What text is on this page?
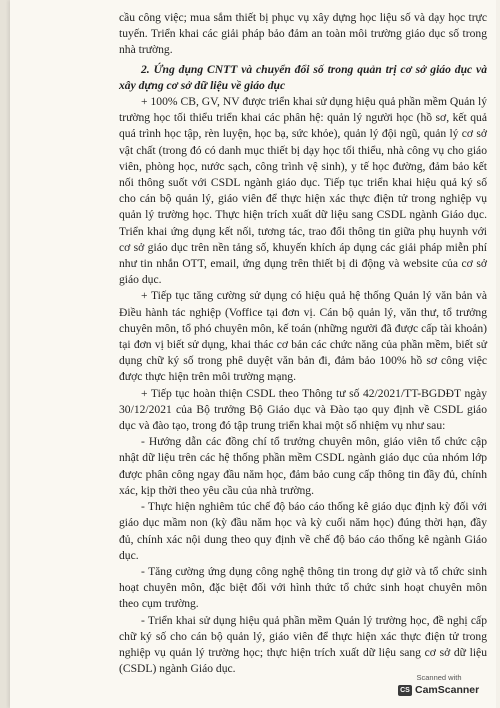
cầu công việc; mua sắm thiết bị phục vụ xây dựng học liệu số và dạy học trực tuyến. Triển khai các giải pháp bảo đảm an toàn môi trường giáo dục số trong nhà trường.

2. Ứng dụng CNTT và chuyển đổi số trong quản trị cơ sở giáo dục và xây dựng cơ sở dữ liệu về giáo dục

+ 100% CB, GV, NV được triển khai sử dụng hiệu quả phần mềm Quản lý trường học tối thiểu triển khai các phân hệ: quản lý người học (hồ sơ, kết quả quá trình học tập, rèn luyện, học bạ, sức khỏe), quản lý đội ngũ, quản lý cơ sở vật chất (trong đó có danh mục thiết bị dạy học tối thiểu, nhà công vụ cho giáo viên, phòng học, nước sạch, công trình vệ sinh), y tế học đường, đảm bảo kết nối thông suốt với CSDL ngành giáo dục. Tiếp tục triển khai hiệu quả ký số cho cán bộ quản lý, giáo viên để thực hiện xác thực điện tử trong nghiệp vụ quản lý trường học. Thực hiện trích xuất dữ liệu sang CSDL ngành Giáo dục. Triển khai ứng dụng kết nối, tương tác, trao đổi thông tin giữa phụ huynh với cơ sở giáo dục trên nền tảng số, khuyến khích áp dụng các giải pháp miễn phí như tin nhắn OTT, email, ứng dụng trên thiết bị di động và website của cơ sở giáo dục.

+ Tiếp tục tăng cường sử dụng có hiệu quả hệ thống Quản lý văn bản và Điều hành tác nghiệp (Voffice tại đơn vị. Cán bộ quản lý, văn thư, tổ trưởng chuyên môn, tổ phó chuyên môn, kế toán (những người đã được cấp tài khoản) tại đơn vị biết sử dụng, khai thác cơ bản các chức năng của phần mềm, biết sử dụng chữ ký số trong phê duyệt văn bản đi, đảm bảo 100% hồ sơ công việc được thực hiện trên môi trường mạng.

+ Tiếp tục hoàn thiện CSDL theo Thông tư số 42/2021/TT-BGDĐT ngày 30/12/2021 của Bộ trưởng Bộ Giáo dục và Đào tạo quy định về CSDL giáo dục và đào tạo, trong đó tập trung triển khai một số nhiệm vụ như sau:

- Hướng dẫn các đồng chí tổ trưởng chuyên môn, giáo viên tổ chức cập nhật dữ liệu trên các hệ thống phần mềm CSDL ngành giáo dục của nhóm lớp được phân công ngay đầu năm học, đảm bảo cung cấp thông tin đầy đủ, chính xác, kịp thời theo yêu cầu của nhà trường.

- Thực hiện nghiêm túc chế độ báo cáo thống kê giáo dục định kỳ đối với giáo dục mầm non (kỳ đầu năm học và kỳ cuối năm học) đúng thời hạn, đầy đủ, chính xác nội dung theo quy định về chế độ báo cáo thống kê ngành Giáo dục.

- Tăng cường ứng dụng công nghệ thông tin trong dự giờ và tổ chức sinh hoạt chuyên môn, đặc biệt đối với hình thức tổ chức sinh hoạt chuyên môn theo cụm trường.

- Triển khai sử dụng hiệu quả phần mềm Quản lý trường học, đề nghị cấp chữ ký số cho cán bộ quản lý, giáo viên để thực hiện xác thực điện tử trong nghiệp vụ quản lý trường học; thực hiện trích xuất dữ liệu sang cơ sở dữ liệu (CSDL) ngành Giáo dục.

Scanned with
CS CamScanner
